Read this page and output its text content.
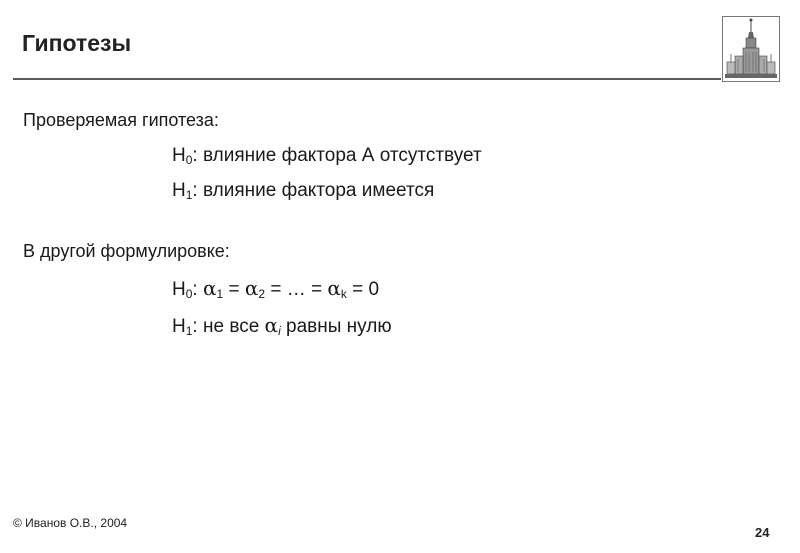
Гипотезы
Проверяемая гипотеза:
H0: влияние фактора А отсутствует
H1: влияние фактора имеется
В другой формулировке:
H0: α1 = α2 = … = αk = 0
H1: не все αi равны нулю
© Иванов О.В., 2004
24
